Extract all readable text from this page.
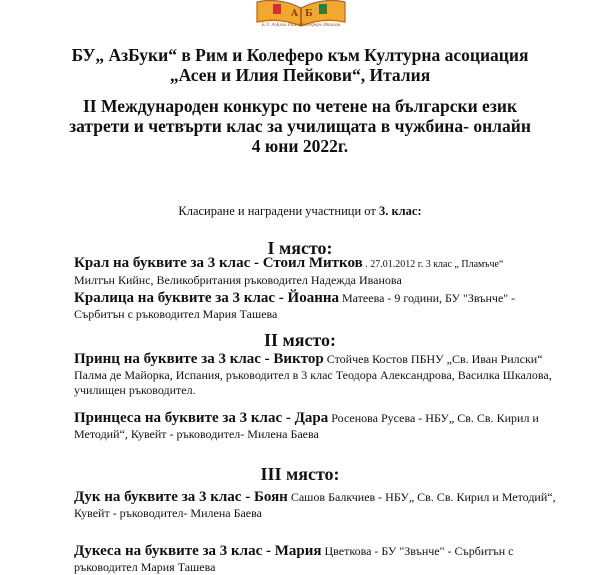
A Б
Б.У. АзБуки Рим и Колеферо Италия
БУ„ АзБуки“ в Рим и Колеферо към Културна асоциация „Асен и Илия Пейкови“, Италия
II Международен конкурс по четене на български език затрети и четвърти клас за училищата в чужбина- онлайн
4 юни 2022г.
Класиране и наградени участници от 3. клас:
I място:
Крал на буквите за 3 клас - Стоил Митков . 27.01.2012 г. 3 клас „ Пламъче“
Милтън Кийнс, Великобритания ръководител Надежда Иванова
Кралица на буквите за 3 клас - Йоанна Матеева - 9 години, БУ "Звънче" - Сърбитън с ръководител Мария Ташева
II място:
Принц на буквите за 3 клас - Виктор Стойчев Костов ПБНУ „Св. Иван Рилски“ Палма де Майорка, Испания, ръководител в 3 клас Теодора Александрова, Василка Шкалова, училищен ръководител.
Принцеса на буквите за 3 клас - Дара Росенова Русева - НБУ„ Св. Св. Кирил и Методий“, Кувейт - ръководител- Милена Баева
III място:
Дук на буквите за 3 клас - Боян Сашов Балкчиев - НБУ„ Св. Св. Кирил и Методий“, Кувейт - ръководител- Милена Баева
Дукеса на буквите за 3 клас - Мария Цветкова - БУ "Звънче" - Сърбитън с ръководител Мария Ташева
